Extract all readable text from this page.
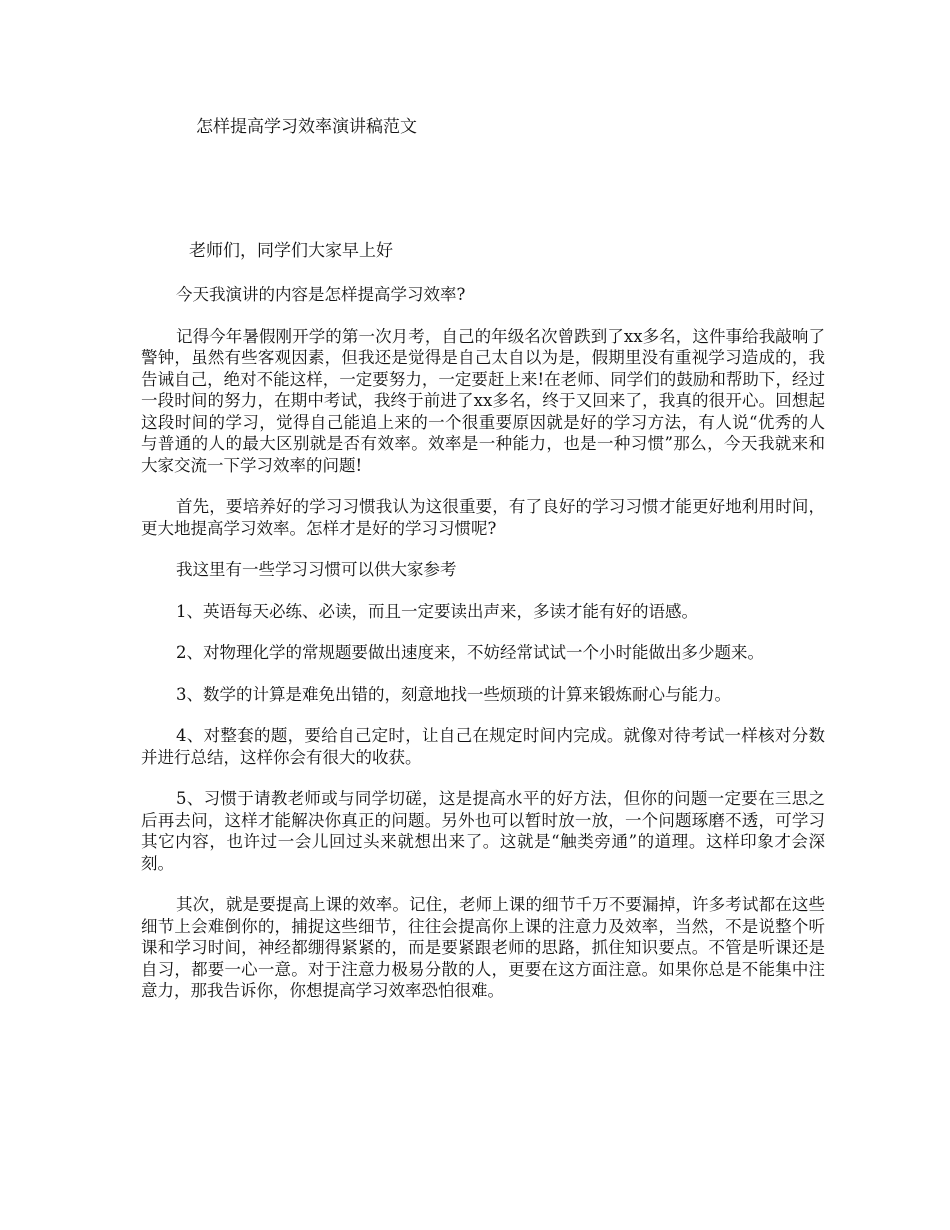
怎样提高学习效率演讲稿范文
老师们，同学们大家早上好

今天我演讲的内容是怎样提高学习效率?

记得今年暑假刚开学的第一次月考，自己的年级名次曾跌到了xx多名，这件事给我敲响了警钟，虽然有些客观因素，但我还是觉得是自己太自以为是，假期里没有重视学习造成的，我告诫自己，绝对不能这样，一定要努力，一定要赶上来!在老师、同学们的鼓励和帮助下，经过一段时间的努力，在期中考试，我终于前进了xx多名，终于又回来了，我真的很开心。回想起这段时间的学习，觉得自己能追上来的一个很重要原因就是好的学习方法，有人说“优秀的人与普通的人的最大区别就是否有效率。效率是一种能力，也是一种习惯”那么，今天我就来和大家交流一下学习效率的问题!

首先，要培养好的学习习惯我认为这很重要，有了良好的学习习惯才能更好地利用时间，更大地提高学习效率。怎样才是好的学习习惯呢?

我这里有一些学习习惯可以供大家参考

1、英语每天必练、必读，而且一定要读出声来，多读才能有好的语感。

2、对物理化学的常规题要做出速度来，不妨经常试试一个小时能做出多少题来。

3、数学的计算是难免出错的，刻意地找一些烦琐的计算来锻炼耐心与能力。

4、对整套的题，要给自己定时，让自己在规定时间内完成。就像对待考试一样核对分数并进行总结，这样你会有很大的收获。

5、习惯于请教老师或与同学切磋，这是提高水平的好方法，但你的问题一定要在三思之后再去问，这样才能解决你真正的问题。另外也可以暂时放一放，一个问题琢磨不透，可学习其它内容，也许过一会儿回过头来就想出来了。这就是“触类旁通”的道理。这样印象才会深刻。

其次，就是要提高上课的效率。记住，老师上课的细节千万不要漏掉，许多考试都在这些细节上会难倒你的，捕捉这些细节，往往会提高你上课的注意力及效率，当然，不是说整个听课和学习时间，神经都绷得紧紧的，而是要紧跟老师的思路，抓住知识要点。不管是听课还是自习，都要一心一意。对于注意力极易分散的人，更要在这方面注意。如果你总是不能集中注意力，那我告诉你，你想提高学习效率恐怕很难。
